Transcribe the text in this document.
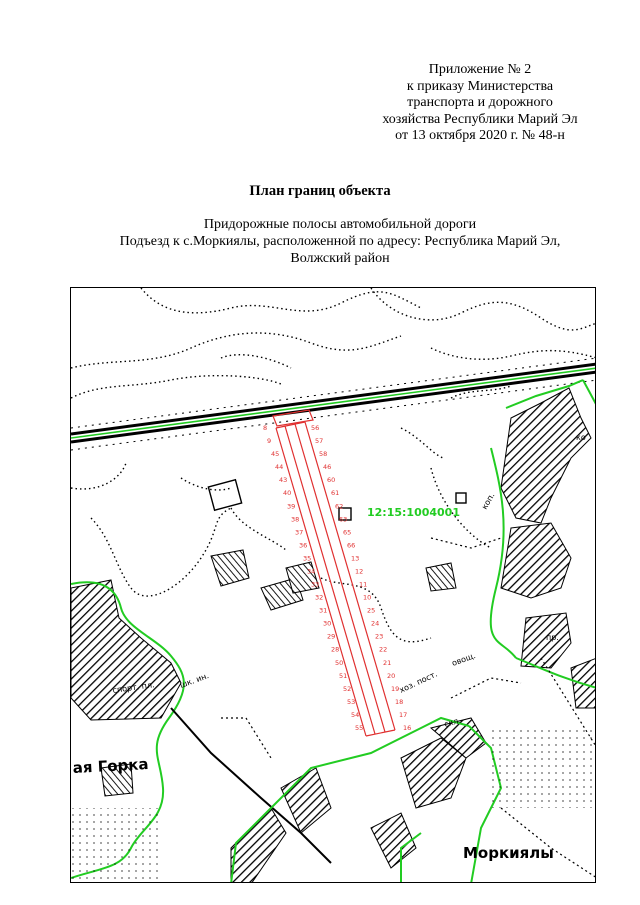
Приложение № 2
к приказу Министерства
транспорта и дорожного
хозяйства Республики Марий Эл
от 13 октября 2020 г. № 48-н
План границ объекта
Придорожные полосы автомобильной дороги
Подъезд к с.Моркиялы, расположенной по адресу: Республика Марий Эл,
Волжский район
12:15:1004001
8
9
45
44
43
40
39
38
37
36
35
34
33
32
31
30
29
28
50
51
52
53
54
55
56
57
58
46
60
61
62
63
65
66
13
12
11
10
25
24
23
22
21
20
19
18
17
16
ая Горка
Моркиялы
спорт. пл.	шк. ин.	хоз. пост.
скл.
овощ.
коп.
пр.
ко
